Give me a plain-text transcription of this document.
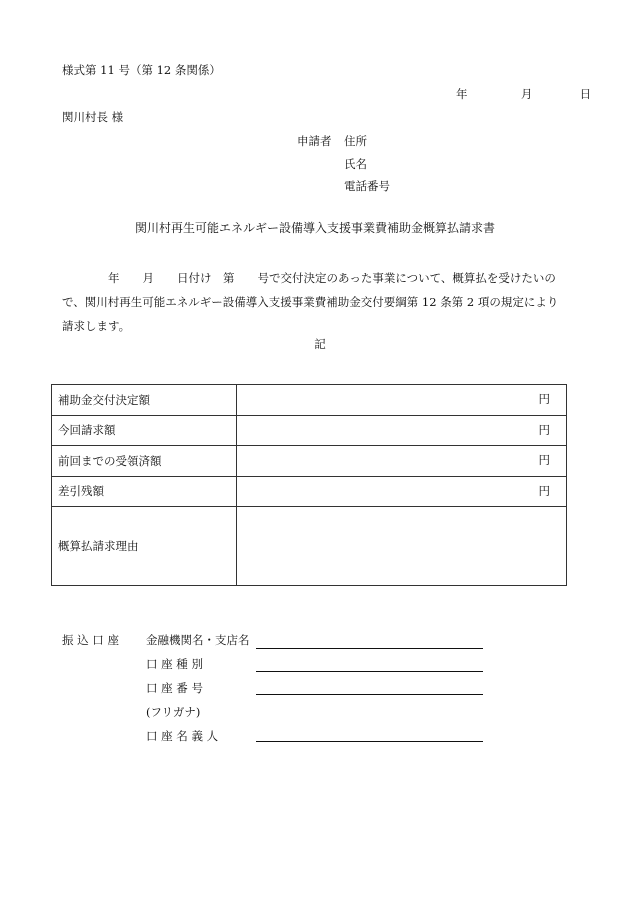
様式第 11 号（第 12 条関係）
年	月	日
関川村長 様
申請者 住所
氏名
電話番号
関川村再生可能エネルギー設備導入支援事業費補助金概算払請求書
年　　月　　日付け　第　　号で交付決定のあった事業について、概算払を受けたいの
で、関川村再生可能エネルギー設備導入支援事業費補助金交付要綱第 12 条第 2 項の規定により
請求します。
記
補助金交付決定額	円

今回請求額	円

前回までの受領済額	円

差引残額	円

概算払請求理由	
振 込 口 座 金融機関名・支店名
口 座 種 別
口 座 番 号
(フリガナ)
口 座 名 義 人
